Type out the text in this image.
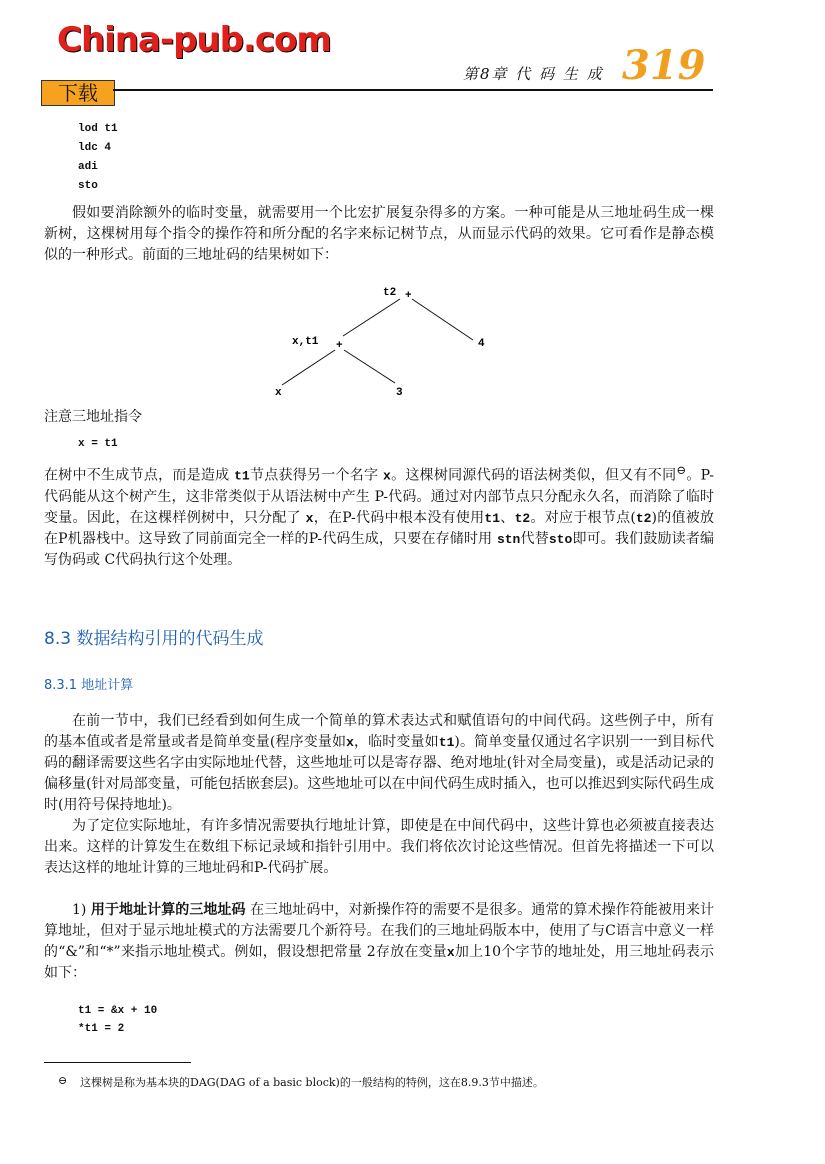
China-pub.com
下载
第8章 代 码 生 成 319
lod t1
ldc 4
adi
sto
假如要消除额外的临时变量，就需要用一个比宏扩展复杂得多的方案。一种可能是从三地址码生成一棵新树，这棵树用每个指令的操作符和所分配的名字来标记树节点，从而显示代码的效果。它可看作是静态模似的一种形式。前面的三地址码的结果树如下：
t2 +
x,t1 +	4
x	3
注意三地址指令
x = t1
在树中不生成节点，而是造成 t1节点获得另一个名字 x。这棵树同源代码的语法树类似，但又有不同⊖。P-代码能从这个树产生，这非常类似于从语法树中产生 P-代码。通过对内部节点只分配永久名，而消除了临时变量。因此，在这棵样例树中，只分配了 x，在P-代码中根本没有使用t1、t2。对应于根节点(t2)的值被放在P机器栈中。这导致了同前面完全一样的P-代码生成，只要在存储时用 stn代替sto即可。我们鼓励读者编写伪码或 C代码执行这个处理。
8.3 数据结构引用的代码生成
8.3.1 地址计算
在前一节中，我们已经看到如何生成一个简单的算术表达式和赋值语句的中间代码。这些例子中，所有的基本值或者是常量或者是简单变量(程序变量如x，临时变量如t1)。简单变量仅通过名字识别一一到目标代码的翻译需要这些名字由实际地址代替，这些地址可以是寄存器、绝对地址(针对全局变量)，或是活动记录的偏移量(针对局部变量，可能包括嵌套层)。这些地址可以在中间代码生成时插入，也可以推迟到实际代码生成时(用符号保持地址)。
为了定位实际地址，有许多情况需要执行地址计算，即使是在中间代码中，这些计算也必须被直接表达出来。这样的计算发生在数组下标记录域和指针引用中。我们将依次讨论这些情况。但首先将描述一下可以表达这样的地址计算的三地址码和P-代码扩展。
1) 用于地址计算的三地址码 在三地址码中，对新操作符的需要不是很多。通常的算术操作符能被用来计算地址，但对于显示地址模式的方法需要几个新符号。在我们的三地址码版本中，使用了与C语言中意义一样的“&”和“*”来指示地址模式。例如，假设想把常量 2存放在变量x加上10个字节的地址处，用三地址码表示如下：
t1 = &x + 10
*t1 = 2
⊖ 这棵树是称为基本块的DAG(DAG of a basic block)的一般结构的特例，这在8.9.3节中描述。
